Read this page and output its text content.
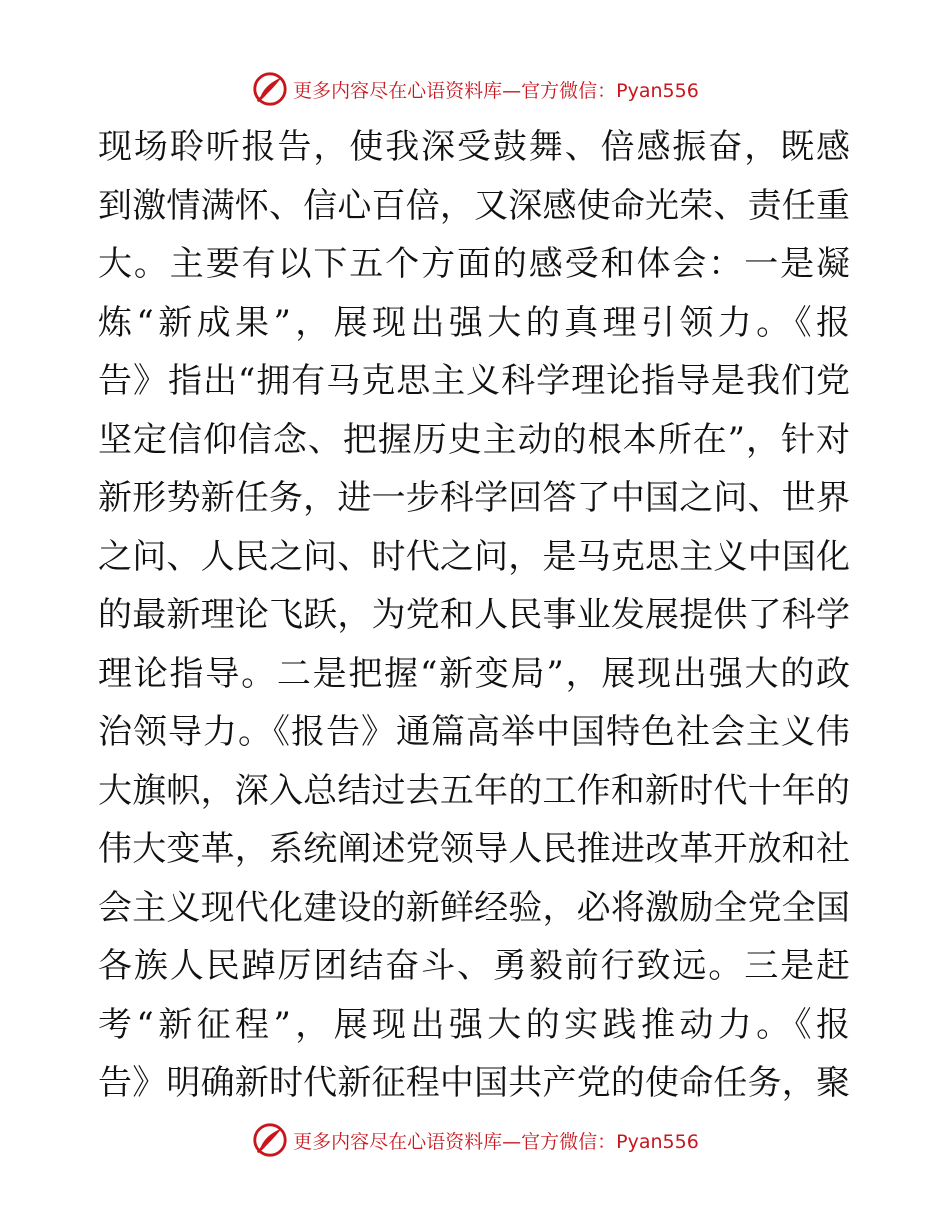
更多内容尽在心语资料库—官方微信：Pyan556
现场聆听报告，使我深受鼓舞、倍感振奋，既感
到激情满怀、信心百倍，又深感使命光荣、责任重
大。主要有以下五个方面的感受和体会：一是凝
炼“新成果”，展现出强大的真理引领力。《报
告》指出“拥有马克思主义科学理论指导是我们党
坚定信仰信念、把握历史主动的根本所在”，针对
新形势新任务，进一步科学回答了中国之问、世界
之问、人民之问、时代之问，是马克思主义中国化
的最新理论飞跃，为党和人民事业发展提供了科学
理论指导。二是把握“新变局”，展现出强大的政
治领导力。《报告》通篇高举中国特色社会主义伟
大旗帜，深入总结过去五年的工作和新时代十年的
伟大变革，系统阐述党领导人民推进改革开放和社
会主义现代化建设的新鲜经验，必将激励全党全国
各族人民踔厉团结奋斗、勇毅前行致远。三是赶
考“新征程”，展现出强大的实践推动力。《报
告》明确新时代新征程中国共产党的使命任务，聚
更多内容尽在心语资料库—官方微信：Pyan556
